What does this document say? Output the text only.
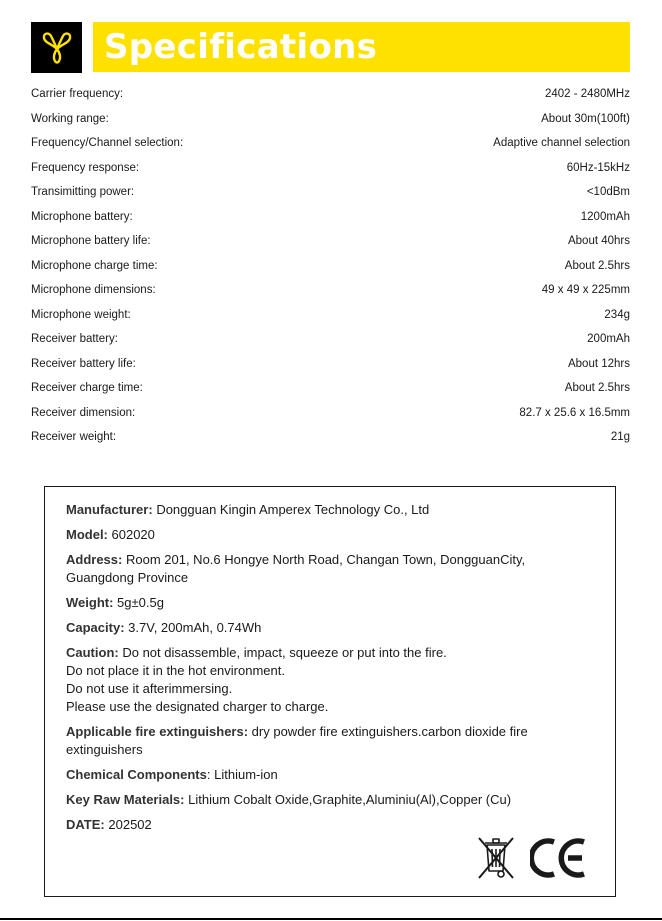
Specifications
Carrier frequency:	2402 - 2480MHz
Working range:	About 30m(100ft)
Frequency/Channel selection:	Adaptive channel selection
Frequency response:	60Hz-15kHz
Transimitting power:	<10dBm
Microphone battery:	1200mAh
Microphone battery life:	About 40hrs
Microphone charge time:	About 2.5hrs
Microphone dimensions:	49 x 49 x 225mm
Microphone weight:	234g
Receiver battery:	200mAh
Receiver battery life:	About 12hrs
Receiver charge time:	About 2.5hrs
Receiver dimension:	82.7 x 25.6 x 16.5mm
Receiver weight:	21g
Manufacturer: Dongguan Kingin Amperex Technology Co., Ltd
Model: 602020
Address: Room 201, No.6 Hongye North Road, Changan Town, DongguanCity,
Guangdong Province
Weight: 5g±0.5g
Capacity: 3.7V, 200mAh, 0.74Wh
Caution: Do not disassemble, impact, squeeze or put into the fire.
Do not place it in the hot environment.
Do not use it afterimmersing.
Please use the designated charger to charge.
Applicable fire extinguishers: dry powder fire extinguishers.carbon dioxide fire
extinguishers
Chemical Components: Lithium-ion
Key Raw Materials: Lithium Cobalt Oxide,Graphite,Aluminiu(Al),Copper (Cu)
DATE: 202502
